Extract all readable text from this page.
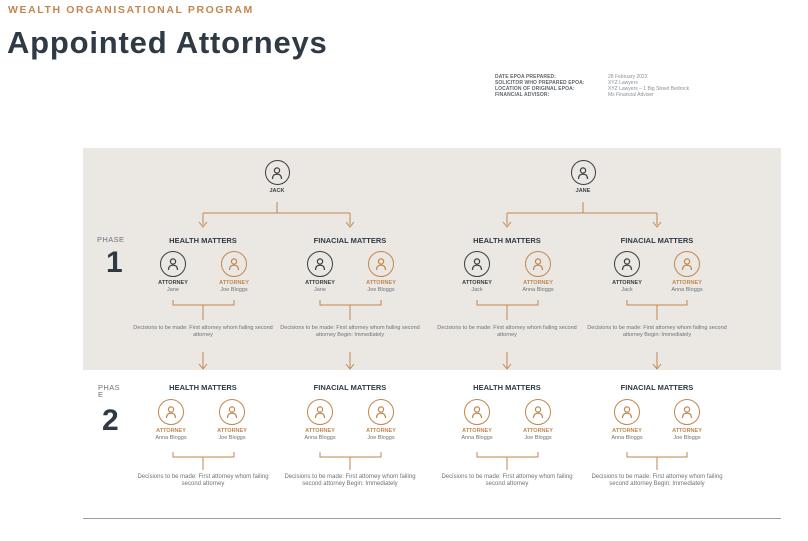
WEALTH ORGANISATIONAL PROGRAM
Appointed Attorneys
DATE EPOA PREPARED:	28 February 2022
SOLICITOR WHO PREPARED EPOA:	XYZ Lawyers
LOCATION OF ORIGINAL EPOA:	XYZ Lawyers – 1 Big Street Bedrock
FINANCIAL ADVISOR:	Ms Financial Adviser
JACK	JANE
PHASE
1
HEALTH MATTERS
ATTORNEY
Jane
ATTORNEY
Joe Bloggs
Decisions to be made: First attorney whom failing second attorney
FINACIAL MATTERS
ATTORNEY
Jane
ATTORNEY
Joe Bloggs
Decisions to be made: First attorney whom failing second attorney Begin: Immediately
HEALTH MATTERS
ATTORNEY
Jack
ATTORNEY
Anna Bloggs
Decisions to be made: First attorney whom failing second attorney
FINACIAL MATTERS
ATTORNEY
Jack
ATTORNEY
Anna Bloggs
Decisions to be made: First attorney whom failing second attorney Begin: Immediately
PHAS E
2
HEALTH MATTERS
ATTORNEY
Anna Bloggs
ATTORNEY
Joe Bloggs
Decisions to be made: First attorney whom failing second attorney
FINACIAL MATTERS
ATTORNEY
Anna Bloggs
ATTORNEY
Joe Bloggs
Decisions to be made: First attorney whom failing second attorney Begin: Immediately
HEALTH MATTERS
ATTORNEY
Anna Bloggs
ATTORNEY
Joe Bloggs
Decisions to be made: First attorney whom failing second attorney
FINACIAL MATTERS
ATTORNEY
Anna Bloggs
ATTORNEY
Joe Bloggs
Decisions to be made: First attorney whom failing second attorney Begin: Immediately
